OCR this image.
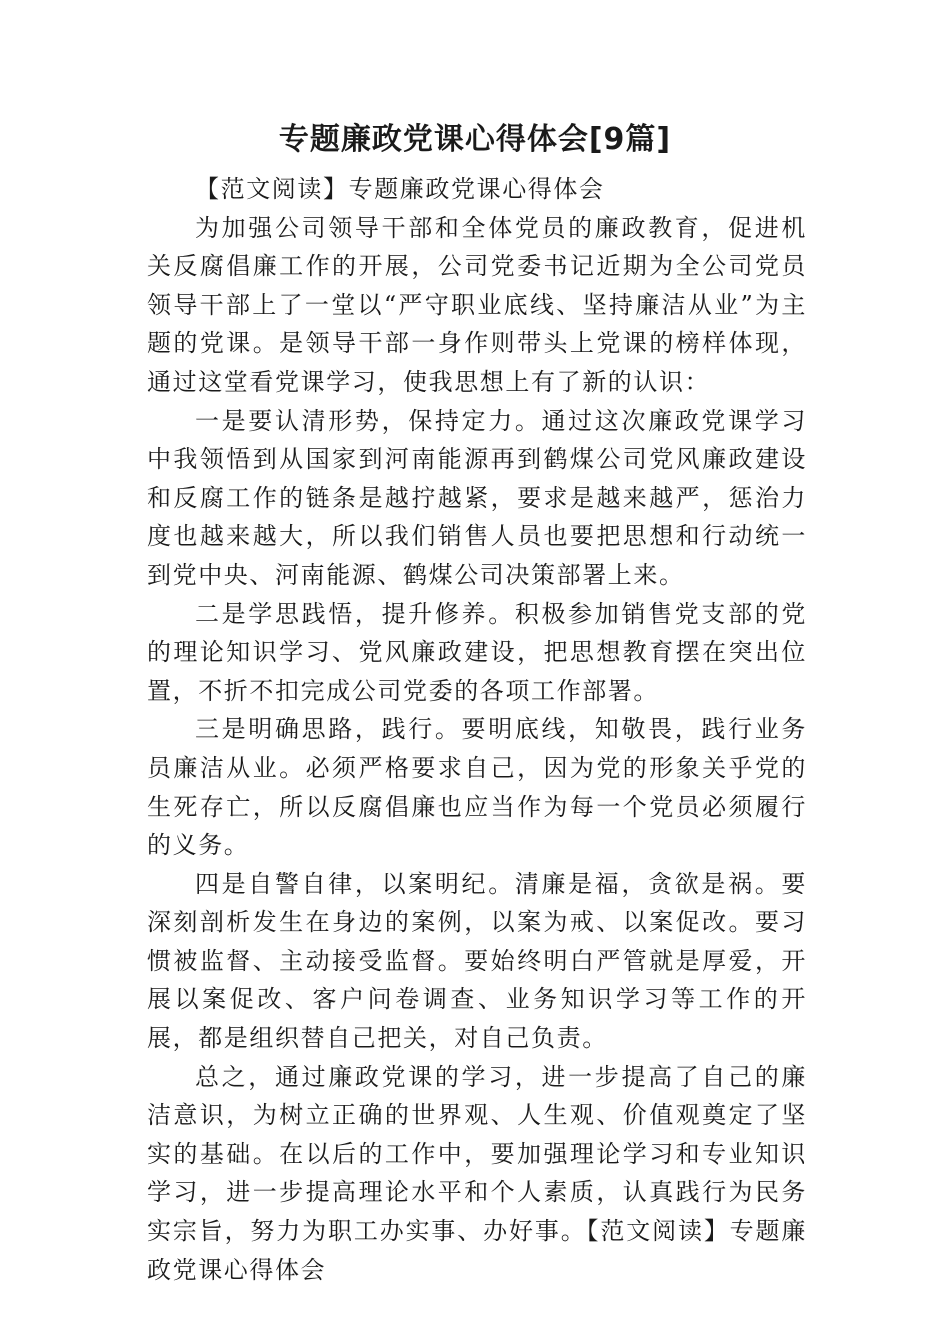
专题廉政党课心得体会[9篇]

【范文阅读】专题廉政党课心得体会

为加强公司领导干部和全体党员的廉政教育，促进机关反腐倡廉工作的开展，公司党委书记近期为全公司党员领导干部上了一堂以“严守职业底线、坚持廉洁从业”为主题的党课。是领导干部一身作则带头上党课的榜样体现，通过这堂看党课学习，使我思想上有了新的认识：

一是要认清形势，保持定力。通过这次廉政党课学习中我领悟到从国家到河南能源再到鹤煤公司党风廉政建设和反腐工作的链条是越拧越紧，要求是越来越严，惩治力度也越来越大，所以我们销售人员也要把思想和行动统一到党中央、河南能源、鹤煤公司决策部署上来。

二是学思践悟，提升修养。积极参加销售党支部的党的理论知识学习、党风廉政建设，把思想教育摆在突出位置，不折不扣完成公司党委的各项工作部署。

三是明确思路，践行。要明底线，知敬畏，践行业务员廉洁从业。必须严格要求自己，因为党的形象关乎党的生死存亡，所以反腐倡廉也应当作为每一个党员必须履行的义务。

四是自警自律，以案明纪。清廉是福，贪欲是祸。要深刻剖析发生在身边的案例，以案为戒、以案促改。要习惯被监督、主动接受监督。要始终明白严管就是厚爱，开展以案促改、客户问卷调查、业务知识学习等工作的开展，都是组织替自己把关，对自己负责。

总之，通过廉政党课的学习，进一步提高了自己的廉洁意识，为树立正确的世界观、人生观、价值观奠定了坚实的基础。在以后的工作中，要加强理论学习和专业知识学习，进一步提高理论水平和个人素质，认真践行为民务实宗旨，努力为职工办实事、办好事。【范文阅读】专题廉政党课心得体会
